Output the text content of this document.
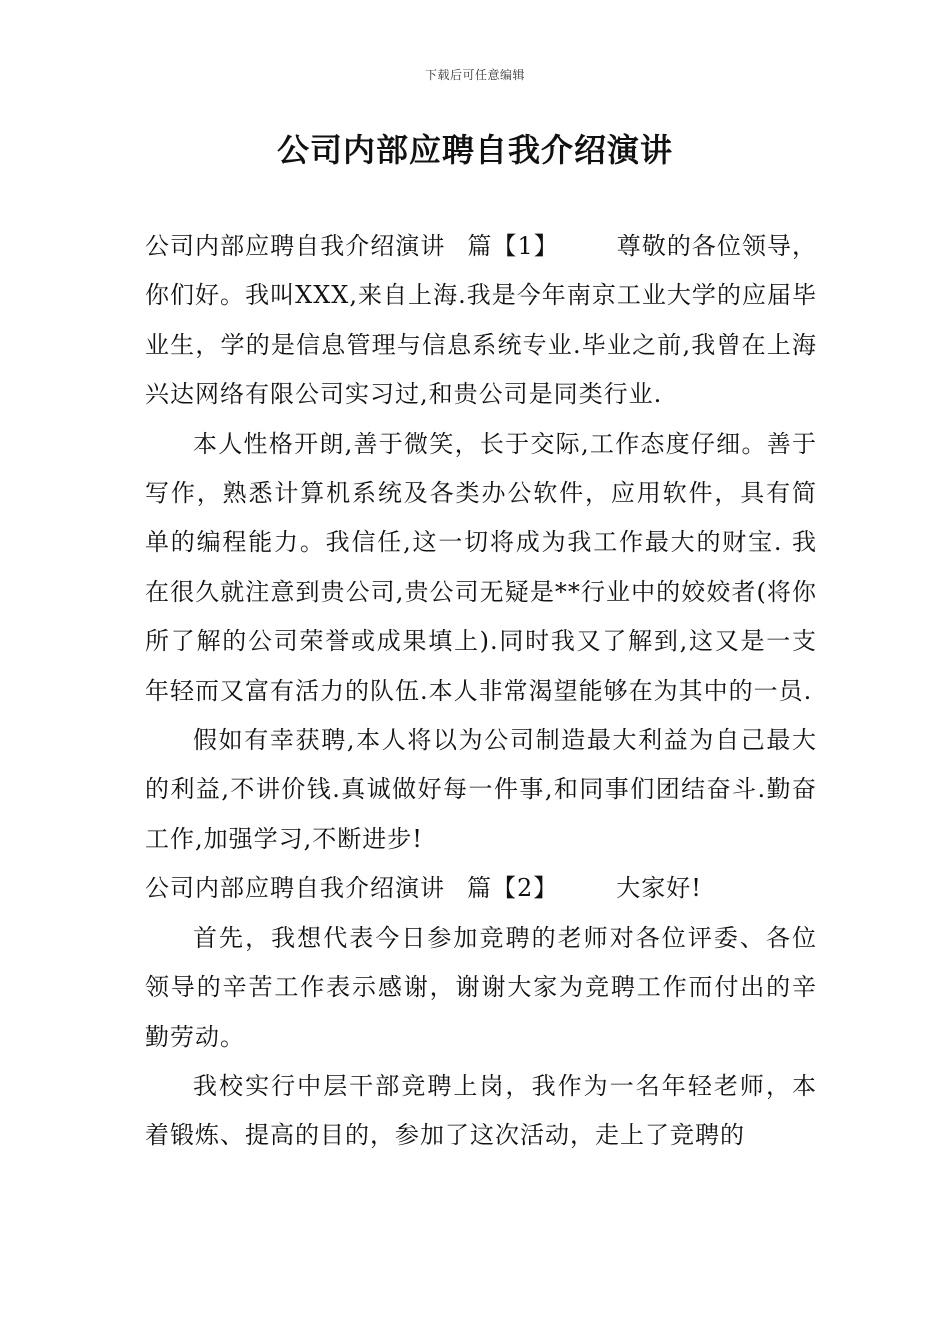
下载后可任意编辑
公司内部应聘自我介绍演讲

公司内部应聘自我介绍演讲 篇【1】 尊敬的各位领导，你们好。我叫XXX,来自上海.我是今年南京工业大学的应届毕业生，学的是信息管理与信息系统专业.毕业之前,我曾在上海兴达网络有限公司实习过,和贵公司是同类行业.

本人性格开朗,善于微笑，长于交际,工作态度仔细。善于写作，熟悉计算机系统及各类办公软件，应用软件，具有简单的编程能力。我信任,这一切将成为我工作最大的财宝. 我在很久就注意到贵公司,贵公司无疑是**行业中的姣姣者(将你所了解的公司荣誉或成果填上).同时我又了解到,这又是一支年轻而又富有活力的队伍.本人非常渴望能够在为其中的一员.

假如有幸获聘,本人将以为公司制造最大利益为自己最大的利益,不讲价钱.真诚做好每一件事,和同事们团结奋斗.勤奋工作,加强学习,不断进步!

公司内部应聘自我介绍演讲 篇【2】 大家好!

首先，我想代表今日参加竞聘的老师对各位评委、各位领导的辛苦工作表示感谢，谢谢大家为竞聘工作而付出的辛勤劳动。

我校实行中层干部竞聘上岗，我作为一名年轻老师，本着锻炼、提高的目的，参加了这次活动，走上了竞聘的
